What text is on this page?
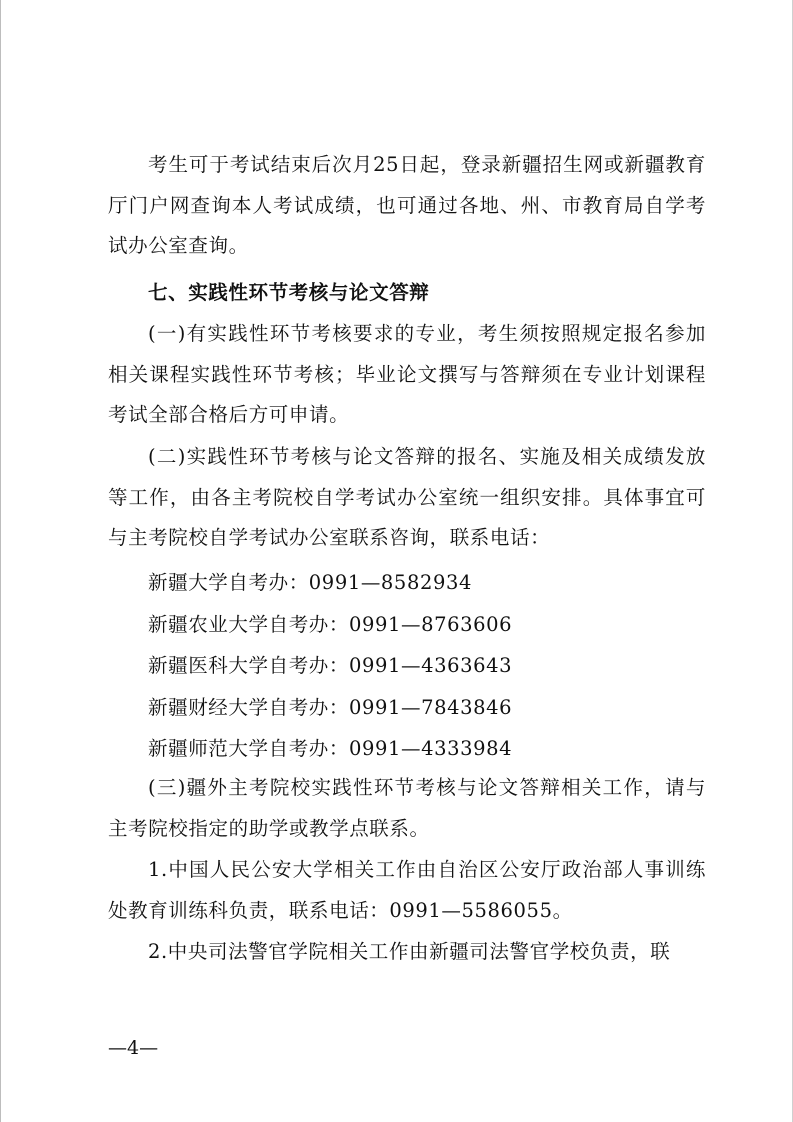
考生可于考试结束后次月25日起，登录新疆招生网或新疆教育厅门户网查询本人考试成绩，也可通过各地、州、市教育局自学考试办公室查询。

七、实践性环节考核与论文答辩

(一)有实践性环节考核要求的专业，考生须按照规定报名参加相关课程实践性环节考核；毕业论文撰写与答辩须在专业计划课程考试全部合格后方可申请。

(二)实践性环节考核与论文答辩的报名、实施及相关成绩发放等工作，由各主考院校自学考试办公室统一组织安排。具体事宜可与主考院校自学考试办公室联系咨询，联系电话：

新疆大学自考办：0991—8582934
新疆农业大学自考办：0991—8763606
新疆医科大学自考办：0991—4363643
新疆财经大学自考办：0991—7843846
新疆师范大学自考办：0991—4333984

(三)疆外主考院校实践性环节考核与论文答辩相关工作，请与主考院校指定的助学或教学点联系。

1.中国人民公安大学相关工作由自治区公安厅政治部人事训练处教育训练科负责，联系电话：0991—5586055。

2.中央司法警官学院相关工作由新疆司法警官学校负责，联

—4—
